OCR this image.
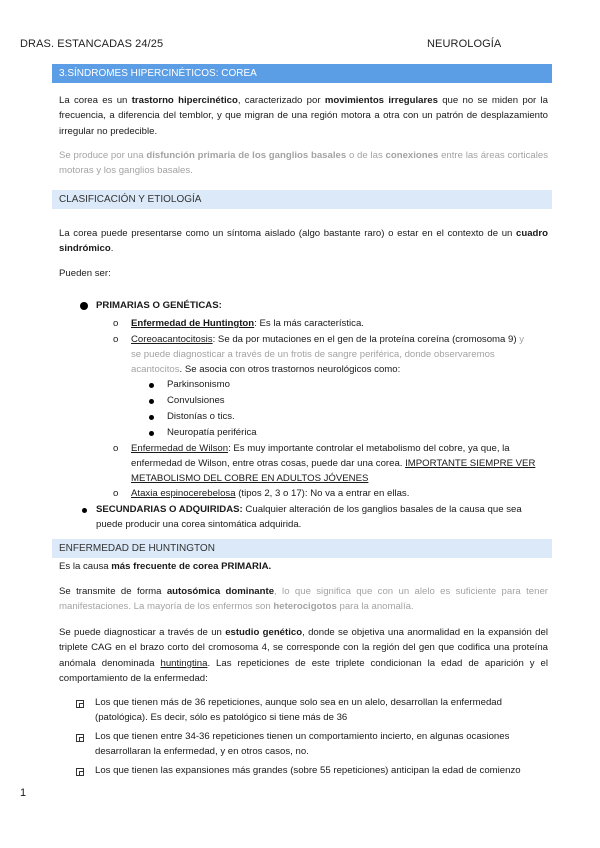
DRAS. ESTANCADAS 24/25	NEUROLOGÍA
3.SÍNDROMES HIPERCINÉTICOS: COREA
La corea es un trastorno hipercinético, caracterizado por movimientos irregulares que no se miden por la frecuencia, a diferencia del temblor, y que migran de una región motora a otra con un patrón de desplazamiento irregular no predecible.
Se produce por una disfunción primaria de los ganglios basales o de las conexiones entre las áreas corticales motoras y los ganglios basales.
CLASIFICACIÓN Y ETIOLOGÍA
La corea puede presentarse como un síntoma aislado (algo bastante raro) o estar en el contexto de un cuadro sindrómico.
Pueden ser:
PRIMARIAS O GENÉTICAS:
o Enfermedad de Huntington: Es la más característica.
o Coreoacantocitosis: Se da por mutaciones en el gen de la proteína coreína (cromosoma 9) y
se puede diagnosticar a través de un frotis de sangre periférica, donde observaremos
acantocitos. Se asocia con otros trastornos neurológicos como:
Parkinsonismo
Convulsiones
Distonías o tics.
Neuropatía periférica
o Enfermedad de Wilson: Es muy importante controlar el metabolismo del cobre, ya que, la
enfermedad de Wilson, entre otras cosas, puede dar una corea. IMPORTANTE SIEMPRE VER
METABOLISMO DEL COBRE EN ADULTOS JÓVENES
o Ataxia espinocerebelosa (tipos 2, 3 o 17): No va a entrar en ellas.
SECUNDARIAS O ADQUIRIDAS: Cualquier alteración de los ganglios basales de la causa que sea
puede producir una corea sintomática adquirida.
ENFERMEDAD DE HUNTINGTON
Es la causa más frecuente de corea PRIMARIA.
Se transmite de forma autosómica dominante, lo que significa que con un alelo es suficiente para tener manifestaciones. La mayoría de los enfermos son heterocigotos para la anomalía.
Se puede diagnosticar a través de un estudio genético, donde se objetiva una anormalidad en la expansión del triplete CAG en el brazo corto del cromosoma 4, se corresponde con la región del gen que codifica una proteína anómala denominada huntingtina. Las repeticiones de este triplete condicionan la edad de aparición y el comportamiento de la enfermedad:
Los que tienen más de 36 repeticiones, aunque solo sea en un alelo, desarrollan la enfermedad
(patológica). Es decir, sólo es patológico si tiene más de 36
Los que tienen entre 34-36 repeticiones tienen un comportamiento incierto, en algunas ocasiones
desarrollaran la enfermedad, y en otros casos, no.
Los que tienen las expansiones más grandes (sobre 55 repeticiones) anticipan la edad de comienzo
1
